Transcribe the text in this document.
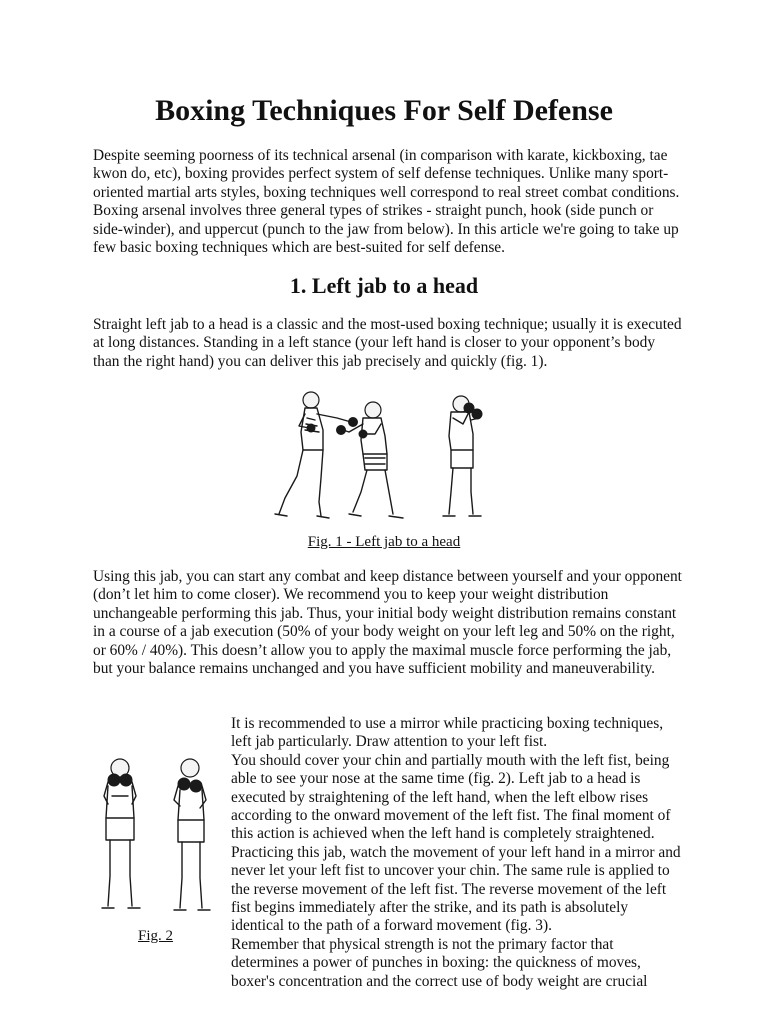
Boxing Techniques For Self Defense

Despite seeming poorness of its technical arsenal (in comparison with karate, kickboxing, tae kwon do, etc), boxing provides perfect system of self defense techniques. Unlike many sport-oriented martial arts styles, boxing techniques well correspond to real street combat conditions. Boxing arsenal involves three general types of strikes - straight punch, hook (side punch or side-winder), and uppercut (punch to the jaw from below). In this article we're going to take up few basic boxing techniques which are best-suited for self defense.

1. Left jab to a head

Straight left jab to a head is a classic and the most-used boxing technique; usually it is executed at long distances. Standing in a left stance (your left hand is closer to your opponent’s body than the right hand) you can deliver this jab precisely and quickly (fig. 1).

Fig. 1 - Left jab to a head

Using this jab, you can start any combat and keep distance between yourself and your opponent (don’t let him to come closer). We recommend you to keep your weight distribution unchangeable performing this jab. Thus, your initial body weight distribution remains constant in a course of a jab execution (50% of your body weight on your left leg and 50% on the right, or 60% / 40%). This doesn’t allow you to apply the maximal muscle force performing the jab, but your balance remains unchanged and you have sufficient mobility and maneuverability.

Fig. 2
It is recommended to use a mirror while practicing boxing techniques, left jab particularly. Draw attention to your left fist.
You should cover your chin and partially mouth with the left fist, being able to see your nose at the same time (fig. 2). Left jab to a head is executed by straightening of the left hand, when the left elbow rises according to the onward movement of the left fist. The final moment of this action is achieved when the left hand is completely straightened. Practicing this jab, watch the movement of your left hand in a mirror and never let your left fist to uncover your chin. The same rule is applied to the reverse movement of the left fist. The reverse movement of the left fist begins immediately after the strike, and its path is absolutely identical to the path of a forward movement (fig. 3).
Remember that physical strength is not the primary factor that determines a power of punches in boxing: the quickness of moves, boxer's concentration and the correct use of body weight are crucial
